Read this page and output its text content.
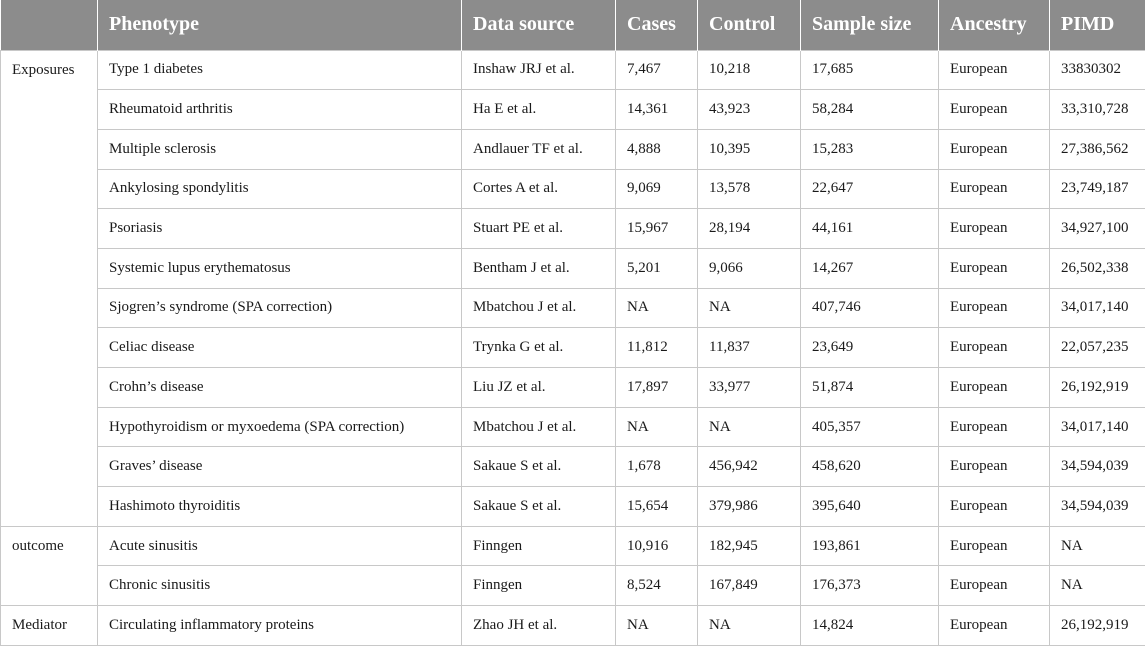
	Phenotype	Data source	Cases	Control	Sample size	Ancestry	PIMD
Exposures	Type 1 diabetes	Inshaw JRJ et al.	7,467	10,218	17,685	European	33830302
	Rheumatoid arthritis	Ha E et al.	14,361	43,923	58,284	European	33,310,728
	Multiple sclerosis	Andlauer TF et al.	4,888	10,395	15,283	European	27,386,562
	Ankylosing spondylitis	Cortes A et al.	9,069	13,578	22,647	European	23,749,187
	Psoriasis	Stuart PE et al.	15,967	28,194	44,161	European	34,927,100
	Systemic lupus erythematosus	Bentham J et al.	5,201	9,066	14,267	European	26,502,338
	Sjogren’s syndrome (SPA correction)	Mbatchou J et al.	NA	NA	407,746	European	34,017,140
	Celiac disease	Trynka G et al.	11,812	11,837	23,649	European	22,057,235
	Crohn’s disease	Liu JZ et al.	17,897	33,977	51,874	European	26,192,919
	Hypothyroidism or myxoedema (SPA correction)	Mbatchou J et al.	NA	NA	405,357	European	34,017,140
	Graves’ disease	Sakaue S et al.	1,678	456,942	458,620	European	34,594,039
	Hashimoto thyroiditis	Sakaue S et al.	15,654	379,986	395,640	European	34,594,039
outcome	Acute sinusitis	Finngen	10,916	182,945	193,861	European	NA
	Chronic sinusitis	Finngen	8,524	167,849	176,373	European	NA
Mediator	Circulating inflammatory proteins	Zhao JH et al.	NA	NA	14,824	European	26,192,919
